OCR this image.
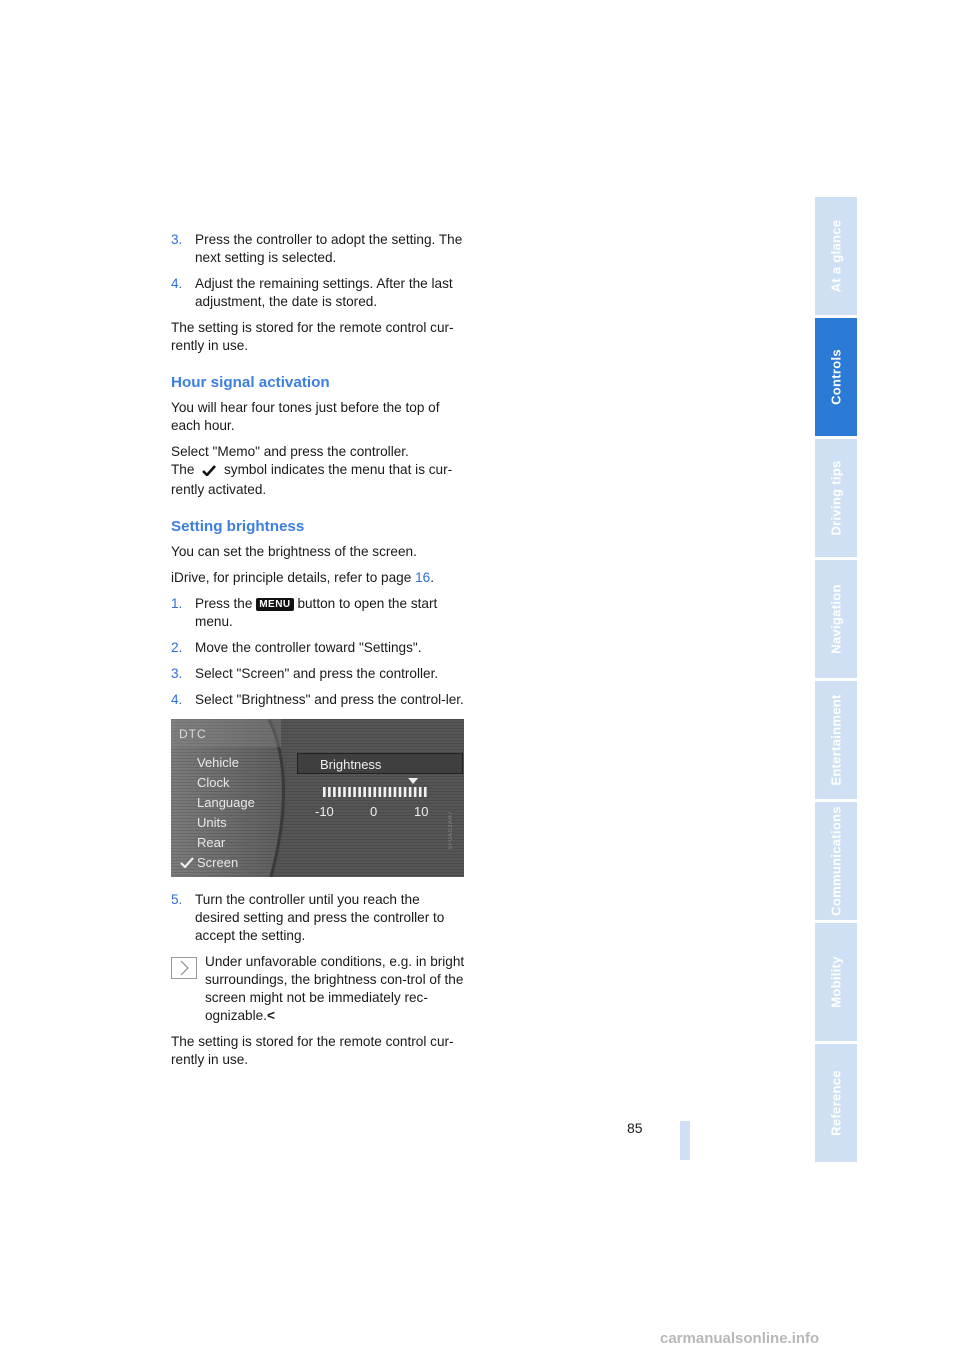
3. Press the controller to adopt the setting. The next setting is selected.
4. Adjust the remaining settings. After the last adjustment, the date is stored.

The setting is stored for the remote control cur-rently in use.

Hour signal activation

You will hear four tones just before the top of each hour.

Select "Memo" and press the controller.
The symbol indicates the menu that is cur-rently activated.

Setting brightness

You can set the brightness of the screen.

iDrive, for principle details, refer to page 16.

1. Press the MENU button to open the start menu.
2. Move the controller toward "Settings".
3. Select "Screen" and press the controller.
4. Select "Brightness" and press the control-ler.
DTC
Vehicle
Clock
Language
Units
Rear
Screen
Brightness
-10	0	10	SF0AS3AH7
5. Turn the controller until you reach the desired setting and press the controller to accept the setting.
Under unfavorable conditions, e.g. in bright surroundings, the brightness con-trol of the screen might not be immediately rec-ognizable.<

The setting is stored for the remote control cur-rently in use.

At a glance
Controls
Driving tips
Navigation
Entertainment
Communications
Mobility
Reference
85
carmanualsonline.info
